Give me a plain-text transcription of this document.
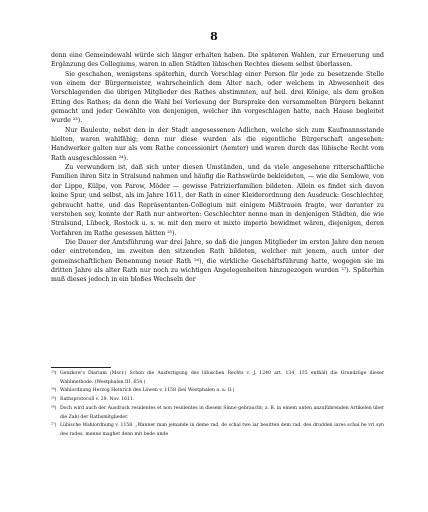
8

denn eine Gemeindewahl würde sich länger erhalten haben. Die späteren Wahlen, zur Erneuerung und Ergänzung des Collegiums, waren in allen Städten lübischen Rechtes diesem selbst überlassen.

Sie geschahen, wenigstens späterhin, durch Vorschlag einer Person für jede zu besetzende Stelle von einem der Bürgermeister, wahrscheinlich dem Alter nach, oder welchem in Abwesenheit des Vorschlagenden die übrigen Mitglieder des Rathes abstimmten, auf heil. drei Könige, als dem großen Etting des Rathes; da denn die Wahl bei Verlesung der Bursprake den versammelten Bürgern bekannt gemacht und jeder Gewählte von denjenigen, welcher ihn vorgeschlagen hatte, nach Hause begleitet wurde ²³).

Nur Bauleute, nebst den in der Stadt angesessenen Adlichen, welche sich zum Kaufmannsstande hielten, waren wahlfähig; denn nur diese wurden als die eigentliche Bürgerschaft angesehen: Handwerker galten nur als vom Rathe concessionirt (Aemter) und waren durch das lübische Recht vom Rath ausgeschlossen ²⁴).

Zu verwundern ist, daß sich unter diesen Umständen, und da viele angesehene ritterschaftliche Familien ihren Sitz in Stralsund nahmen und häufig die Rathswürde bekleideten, — wie die Semlowe, von der Lippe, Külpe, von Parow, Möder — gewisse Patrizierfamilien bildeten. Allein es findet sich davon keine Spur, und selbst, als im Jahre 1611, der Rath in einer Kleiderordnung den Ausdruck: Geschlechter, gebraucht hatte, und das Repräsentanten-Collegium mit einigem Mißtrauen fragte, wer darunter zu verstehen sey, konnte der Rath nur antworten: Geschlechter nenne man in denjenigen Städten, die wie Stralsund, Lübeck, Rostock u. s. w. mit den mero et mixto imperio bewidmet wären, diejenigen, deren Vorfahren im Rathe gesessen hätten ²⁵).

Die Dauer der Amtsführung war drei Jahre, so daß die jungen Mitglieder im ersten Jahre den neuen oder eintretenden, im zweiten den sitzenden Rath bildeten, welcher mit jenem, auch unter der gemeinschaftlichen Benennung neuer Rath ²⁶), die wirkliche Geschäftsführung hatte, wogegen sie im dritten Jahre als alter Rath nur noch zu wichtigen Angelegenheiten hinzugezogen wurden ²⁷). Späterhin muß dieses jedoch in ein bloßes Wechseln der

²³) Genzkow's Diarium (Mscr.) Schon die Ausfertigung des lübischen Rechts v. J. 1240 art. 134, 135 enthält die Grundzüge dieser Wahlmethode. (Westphalen III. 654.)
²⁴) Wahlordnung Herzog Heinrich des Löwen v. 1158 (bei Westphalen a. a. O.)
²⁵) Rathsprotocoll v. 29. Nov. 1611.
²⁶) Doch wird auch der Ausdruck residentes et non residentes in diesem Sinne gebraucht; z. B. in einem unten anzuführenden Artikelen über die Zahl der Rathsmitglieder.
²⁷) Lübische Wahlordnung v. 1158. „Wanner man jemande in deme rad, de schal twe iar besitten dem rad, des drudden iares schal he vri syn des rades, menne maghet denn mit bede unde
